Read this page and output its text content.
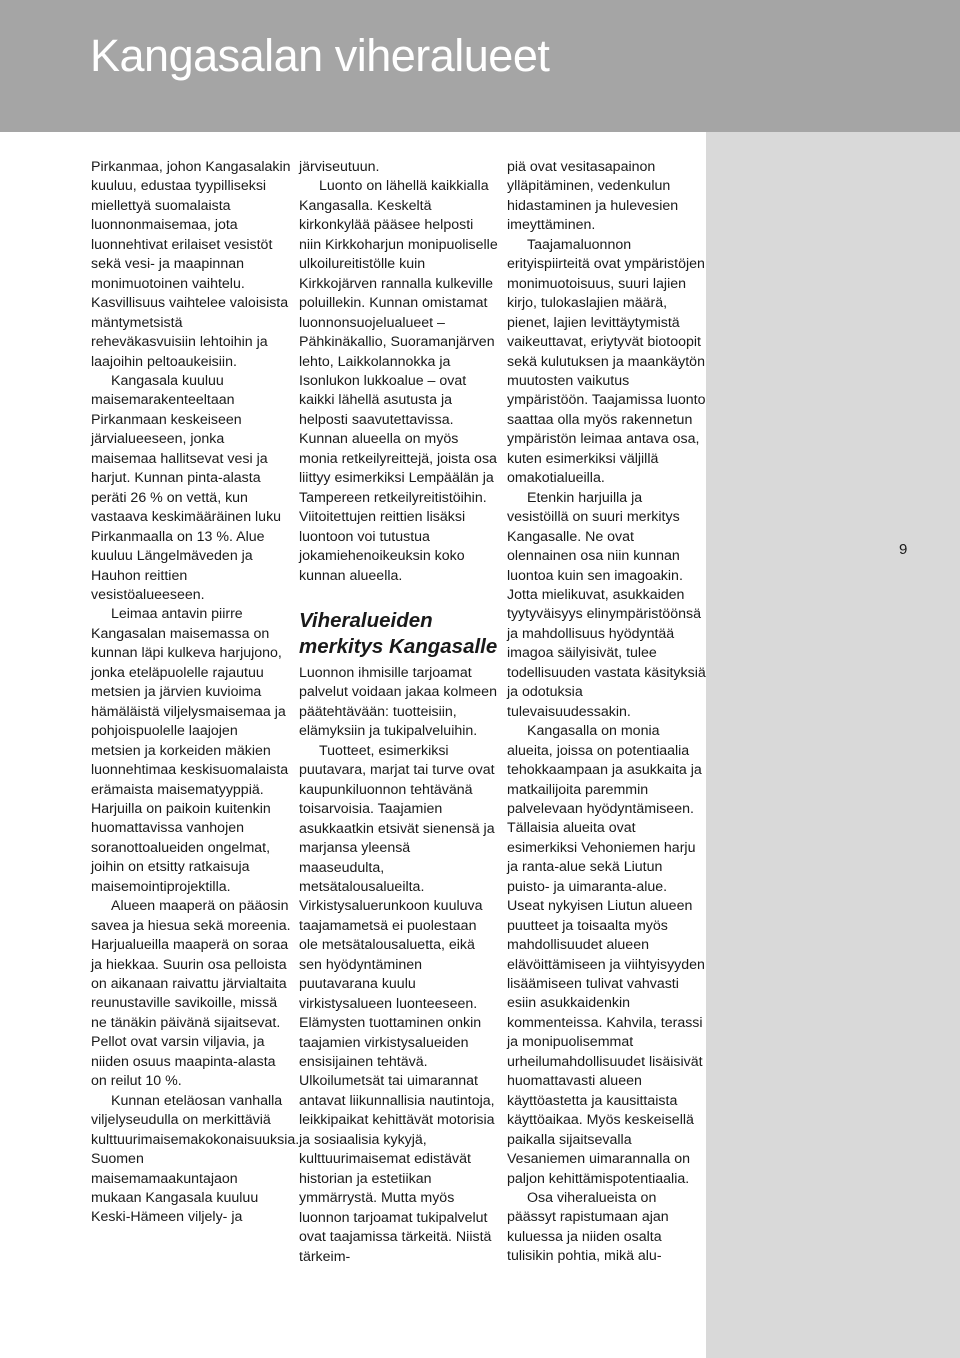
Kangasalan viheralueet
9

Pirkanmaa, johon Kangasalakin kuuluu, edustaa tyypilliseksi miellettyä suomalaista luonnonmaisemaa, jota luonnehtivat erilaiset vesistöt sekä vesi- ja maapinnan monimuotoinen vaihtelu. Kasvillisuus vaihtelee valoisista mäntymetsistä reheväkasvuisiin lehtoihin ja laajoihin peltoaukeisiin.

Kangasala kuuluu maisemarakenteeltaan Pirkanmaan keskeiseen järvialueeseen, jonka maisemaa hallitsevat vesi ja harjut. Kunnan pinta-alasta peräti 26 % on vettä, kun vastaava keskimääräinen luku Pirkanmaalla on 13 %. Alue kuuluu Längelmäveden ja Hauhon reittien vesistöalueeseen.

Leimaa antavin piirre Kangasalan maisemassa on kunnan läpi kulkeva harjujono, jonka eteläpuolelle rajautuu metsien ja järvien kuvioima hämäläistä viljelysmaisemaa ja pohjoispuolelle laajojen metsien ja korkeiden mäkien luonnehtimaa keskisuomalaista erämaista maisematyyppiä. Harjuilla on paikoin kuitenkin huomattavissa vanhojen soranottoalueiden ongelmat, joihin on etsitty ratkaisuja maisemointiprojektilla.

Alueen maaperä on pääosin savea ja hiesua sekä moreenia. Harjualueilla maaperä on soraa ja hiekkaa. Suurin osa pelloista on aikanaan raivattu järvialtaita reunustaville savikoille, missä ne tänäkin päivänä sijaitsevat. Pellot ovat varsin viljavia, ja niiden osuus maapinta-alasta on reilut 10 %.

Kunnan eteläosan vanhalla viljelyseudulla on merkittäviä kulttuurimaisemakokonaisuuksia. Suomen maisemamaakuntajaon mukaan Kangasala kuuluu Keski-Hämeen viljely- ja

järviseutuun.

Luonto on lähellä kaikkialla Kangasalla. Keskeltä kirkonkylää pääsee helposti niin Kirkkoharjun monipuoliselle ulkoilureitistölle kuin Kirkkojärven rannalla kulkeville poluillekin. Kunnan omistamat luonnonsuojelualueet – Pähkinäkallio, Suoramanjärven lehto, Laikkolannokka ja Isonlukon lukkoalue – ovat kaikki lähellä asutusta ja helposti saavutettavissa. Kunnan alueella on myös monia retkeilyreittejä, joista osa liittyy esimerkiksi Lempäälän ja Tampereen retkeilyreitistöihin. Viitoitettujen reittien lisäksi luontoon voi tutustua jokamiehenoikeuksin koko kunnan alueella.

Viheralueiden merkitys Kangasalle

Luonnon ihmisille tarjoamat palvelut voidaan jakaa kolmeen päätehtävään: tuotteisiin, elämyksiin ja tukipalveluihin.

Tuotteet, esimerkiksi puutavara, marjat tai turve ovat kaupunkiluonnon tehtävänä toisarvoisia. Taajamien asukkaatkin etsivät sienensä ja marjansa yleensä maaseudulta, metsätalousalueilta. Virkistysaluerunkoon kuuluva taajamametsä ei puolestaan ole metsätalousaluetta, eikä sen hyödyntäminen puutavarana kuulu virkistysalueen luonteeseen. Elämysten tuottaminen onkin taajamien virkistysalueiden ensisijainen tehtävä. Ulkoilumetsät tai uimarannat antavat liikunnallisia nautintoja, leikkipaikat kehittävät motorisia ja sosiaalisia kykyjä, kulttuurimaisemat edistävät historian ja estetiikan ymmärrystä. Mutta myös luonnon tarjoamat tukipalvelut ovat taajamissa tärkeitä. Niistä tärkeim-

piä ovat vesitasapainon ylläpitäminen, vedenkulun hidastaminen ja hulevesien imeyttäminen.

Taajamaluonnon erityispiirteitä ovat ympäristöjen monimuotoisuus, suuri lajien kirjo, tulokaslajien määrä, pienet, lajien levittäytymistä vaikeuttavat, eriytyvät biotoopit sekä kulutuksen ja maankäytön muutosten vaikutus ympäristöön. Taajamissa luonto saattaa olla myös rakennetun ympäristön leimaa antava osa, kuten esimerkiksi väljillä omakotialueilla.

Etenkin harjuilla ja vesistöillä on suuri merkitys Kangasalle. Ne ovat olennainen osa niin kunnan luontoa kuin sen imagoakin. Jotta mielikuvat, asukkaiden tyytyväisyys elinympäristöönsä ja mahdollisuus hyödyntää imagoa säilyisivät, tulee todellisuuden vastata käsityksiä ja odotuksia tulevaisuudessakin.

Kangasalla on monia alueita, joissa on potentiaalia tehokkaampaan ja asukkaita ja matkailijoita paremmin palvelevaan hyödyntämiseen. Tällaisia alueita ovat esimerkiksi Vehoniemen harju ja ranta-alue sekä Liutun puisto- ja uimaranta-alue. Useat nykyisen Liutun alueen puutteet ja toisaalta myös mahdollisuudet alueen elävöittämiseen ja viihtyisyyden lisäämiseen tulivat vahvasti esiin asukkaidenkin kommenteissa. Kahvila, terassi ja monipuolisemmat urheilumahdollisuudet lisäisivät huomattavasti alueen käyttöastetta ja kausittaista käyttöaikaa. Myös keskeisellä paikalla sijaitsevalla Vesaniemen uimarannalla on paljon kehittämispotentiaalia.

Osa viheralueista on päässyt rapistumaan ajan kuluessa ja niiden osalta tulisikin pohtia, mikä alu-
